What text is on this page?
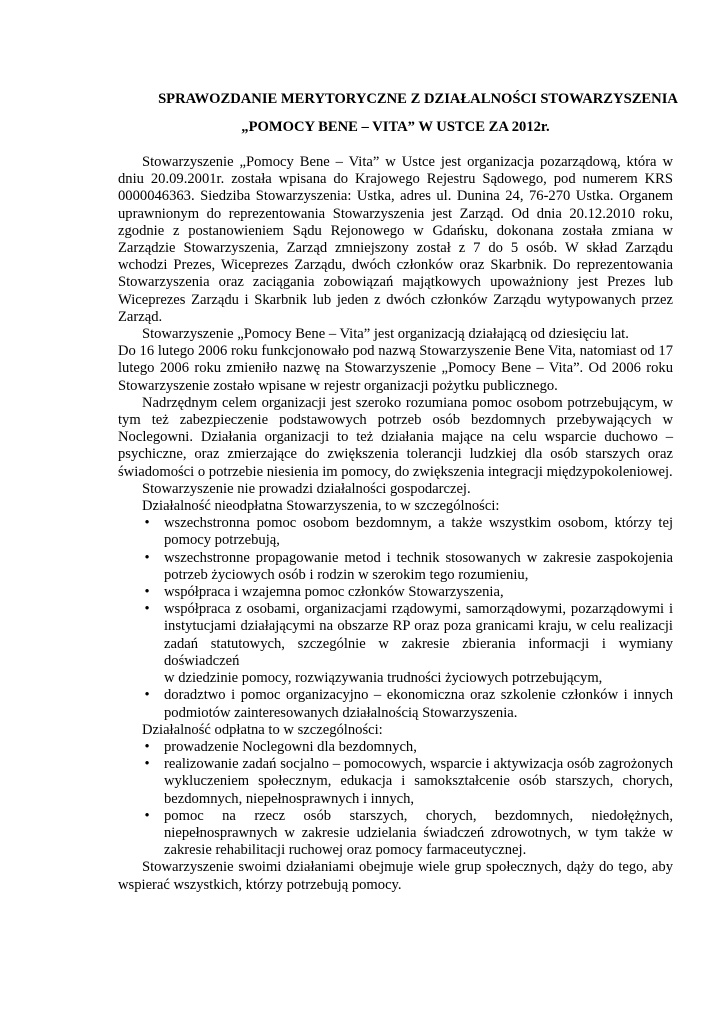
SPRAWOZDANIE MERYTORYCZNE Z DZIAŁALNOŚCI STOWARZYSZENIA
„POMOCY BENE – VITA” W USTCE ZA 2012r.

Stowarzyszenie „Pomocy Bene – Vita” w Ustce jest organizacja pozarządową, która w dniu 20.09.2001r. została wpisana do Krajowego Rejestru Sądowego, pod numerem KRS 0000046363. Siedziba Stowarzyszenia: Ustka, adres ul. Dunina 24, 76-270 Ustka. Organem uprawnionym do reprezentowania Stowarzyszenia jest Zarząd. Od dnia 20.12.2010 roku, zgodnie z postanowieniem Sądu Rejonowego w Gdańsku, dokonana została zmiana w Zarządzie Stowarzyszenia, Zarząd zmniejszony został z 7 do 5 osób. W skład Zarządu wchodzi Prezes, Wiceprezes Zarządu, dwóch członków oraz Skarbnik. Do reprezentowania Stowarzyszenia oraz zaciągania zobowiązań majątkowych upoważniony jest Prezes lub Wiceprezes Zarządu i Skarbnik lub jeden z dwóch członków Zarządu wytypowanych przez Zarząd.

Stowarzyszenie „Pomocy Bene – Vita” jest organizacją działającą od dziesięciu lat.

Do 16 lutego 2006 roku funkcjonowało pod nazwą Stowarzyszenie Bene Vita, natomiast od 17 lutego 2006 roku zmieniło nazwę na Stowarzyszenie „Pomocy Bene – Vita”. Od 2006 roku Stowarzyszenie zostało wpisane w rejestr organizacji pożytku publicznego.

Nadrzędnym celem organizacji jest szeroko rozumiana pomoc osobom potrzebującym, w tym też zabezpieczenie podstawowych potrzeb osób bezdomnych przebywających w Noclegowni. Działania organizacji to też działania mające na celu wsparcie duchowo – psychiczne, oraz zmierzające do zwiększenia tolerancji ludzkiej dla osób starszych oraz świadomości o potrzebie niesienia im pomocy, do zwiększenia integracji międzypokoleniowej.

Stowarzyszenie nie prowadzi działalności gospodarczej.

Działalność nieodpłatna Stowarzyszenia, to w szczególności:

• wszechstronna pomoc osobom bezdomnym, a także wszystkim osobom, którzy tej pomocy potrzebują,
• wszechstronne propagowanie metod i technik stosowanych w zakresie zaspokojenia potrzeb życiowych osób i rodzin w szerokim tego rozumieniu,
• współpraca i wzajemna pomoc członków Stowarzyszenia,
• współpraca z osobami, organizacjami rządowymi, samorządowymi, pozarządowymi i instytucjami działającymi na obszarze RP oraz poza granicami kraju, w celu realizacji zadań statutowych, szczególnie w zakresie zbierania informacji i wymiany doświadczeń
w dziedzinie pomocy, rozwiązywania trudności życiowych potrzebującym,
• doradztwo i pomoc organizacyjno – ekonomiczna oraz szkolenie członków i innych podmiotów zainteresowanych działalnością Stowarzyszenia.

Działalność odpłatna to w szczególności:

• prowadzenie Noclegowni dla bezdomnych,
• realizowanie zadań socjalno – pomocowych, wsparcie i aktywizacja osób zagrożonych wykluczeniem społecznym, edukacja i samokształcenie osób starszych, chorych, bezdomnych, niepełnosprawnych i innych,
• pomoc na rzecz osób starszych, chorych, bezdomnych, niedołężnych, niepełnosprawnych w zakresie udzielania świadczeń zdrowotnych, w tym także w zakresie rehabilitacji ruchowej oraz pomocy farmaceutycznej.

Stowarzyszenie swoimi działaniami obejmuje wiele grup społecznych, dąży do tego, aby wspierać wszystkich, którzy potrzebują pomocy.
